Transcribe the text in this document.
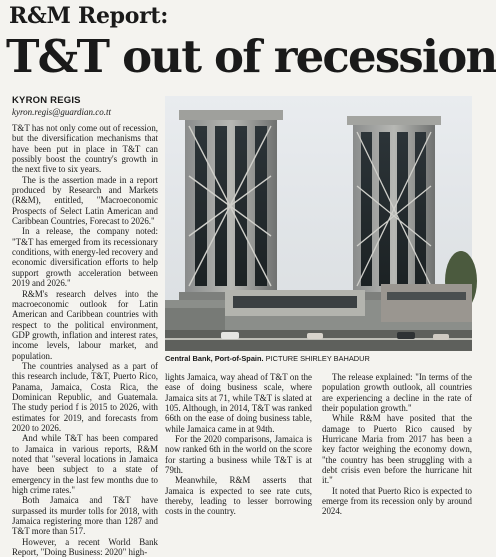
R&M Report:
T&T out of recession
KYRON REGIS
kyron.regis@guardian.co.tt

T&T has not only come out of recession, but the diversification mechanisms that have been put in place in T&T can possibly boost the country's growth in the next five to six years.

The is the assertion made in a report produced by Research and Markets (R&M), entitled, "Macroeconomic Prospects of Select Latin American and Caribbean Countries, Forecast to 2026."

In a release, the company noted: "T&T has emerged from its recessionary conditions, with energy-led recovery and economic diversification efforts to help support growth acceleration between 2019 and 2026."

R&M's research delves into the macroeconomic outlook for Latin American and Caribbean countries with respect to the political environment, GDP growth, inflation and interest rates, income levels, labour market, and population.

The countries analysed as a part of this research include, T&T, Puerto Rico, Panama, Jamaica, Costa Rica, the Dominican Republic, and Guatemala. The study period f is 2015 to 2026, with estimates for 2019, and forecasts from 2020 to 2026.

And while T&T has been compared to Jamaica in various reports, R&M noted that "several locations in Jamaica have been subject to a state of emergency in the last few months due to high crime rates."

Both Jamaica and T&T have surpassed its murder tolls for 2018, with Jamaica registering more than 1287 and T&T more than 517.

However, a recent World Bank Report, "Doing Business: 2020" high-

Central Bank, Port-of-Spain. PICTURE SHIRLEY BAHADUR

lights Jamaica, way ahead of T&T on the ease of doing business scale, where Jamaica sits at 71, while T&T is slated at 105. Although, in 2014, T&T was ranked 66th on the ease of doing business table, while Jamaica came in at 94th.

For the 2020 comparisons, Jamaica is now ranked 6th in the world on the score for starting a business while T&T is at 79th.

Meanwhile, R&M asserts that Jamaica is expected to see rate cuts, thereby, leading to lesser borrowing costs in the country.

The release explained: "In terms of the population growth outlook, all countries are experiencing a decline in the rate of their population growth."

While R&M have posited that the damage to Puerto Rico caused by Hurricane Maria from 2017 has been a key factor weighing the economy down, "the country has been struggling with a debt crisis even before the hurricane hit it."

It noted that Puerto Rico is expected to emerge from its recession only by around 2024.
